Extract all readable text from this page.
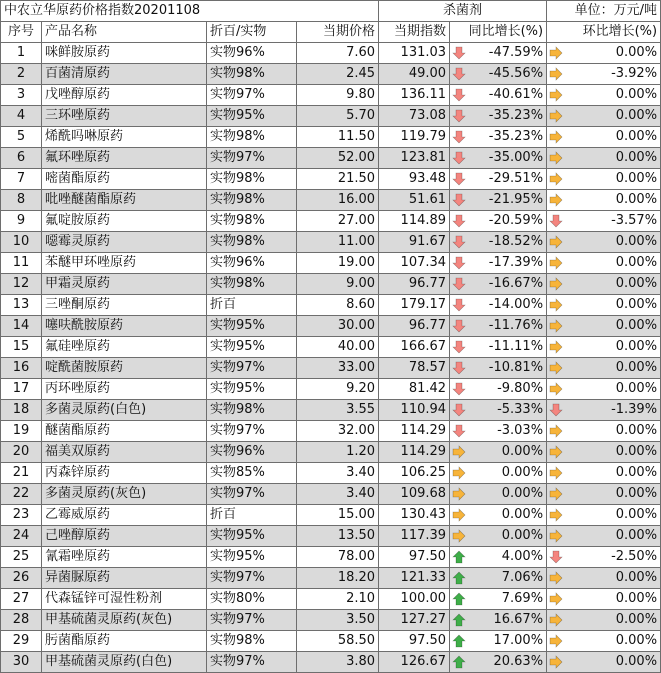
中农立华原药价格指数20201108				杀菌剂		单位：万元/吨
序号	产品名称	折百/实物	当期价格	当期指数	同比增长(%)	环比增长(%)
1	咪鲜胺原药	实物96%	7.60	131.03	-47.59%	0.00%
2	百菌清原药	实物98%	2.45	49.00	-45.56%	-3.92%
3	戊唑醇原药	实物97%	9.80	136.11	-40.61%	0.00%
4	三环唑原药	实物95%	5.70	73.08	-35.23%	0.00%
5	烯酰吗啉原药	实物98%	11.50	119.79	-35.23%	0.00%
6	氟环唑原药	实物97%	52.00	123.81	-35.00%	0.00%
7	嘧菌酯原药	实物98%	21.50	93.48	-29.51%	0.00%
8	吡唑醚菌酯原药	实物98%	16.00	51.61	-21.95%	0.00%
9	氟啶胺原药	实物98%	27.00	114.89	-20.59%	-3.57%
10	噁霉灵原药	实物98%	11.00	91.67	-18.52%	0.00%
11	苯醚甲环唑原药	实物96%	19.00	107.34	-17.39%	0.00%
12	甲霜灵原药	实物98%	9.00	96.77	-16.67%	0.00%
13	三唑酮原药	折百	8.60	179.17	-14.00%	0.00%
14	噻呋酰胺原药	实物95%	30.00	96.77	-11.76%	0.00%
15	氟硅唑原药	实物95%	40.00	166.67	-11.11%	0.00%
16	啶酰菌胺原药	实物97%	33.00	78.57	-10.81%	0.00%
17	丙环唑原药	实物95%	9.20	81.42	-9.80%	0.00%
18	多菌灵原药(白色)	实物98%	3.55	110.94	-5.33%	-1.39%
19	醚菌酯原药	实物97%	32.00	114.29	-3.03%	0.00%
20	福美双原药	实物96%	1.20	114.29	0.00%	0.00%
21	丙森锌原药	实物85%	3.40	106.25	0.00%	0.00%
22	多菌灵原药(灰色)	实物97%	3.40	109.68	0.00%	0.00%
23	乙霉威原药	折百	15.00	130.43	0.00%	0.00%
24	己唑醇原药	实物95%	13.50	117.39	0.00%	0.00%
25	氰霜唑原药	实物95%	78.00	97.50	4.00%	-2.50%
26	异菌脲原药	实物97%	18.20	121.33	7.06%	0.00%
27	代森锰锌可湿性粉剂	实物80%	2.10	100.00	7.69%	0.00%
28	甲基硫菌灵原药(灰色)	实物97%	3.50	127.27	16.67%	0.00%
29	肟菌酯原药	实物98%	58.50	97.50	17.00%	0.00%
30	甲基硫菌灵原药(白色)	实物97%	3.80	126.67	20.63%	0.00%
